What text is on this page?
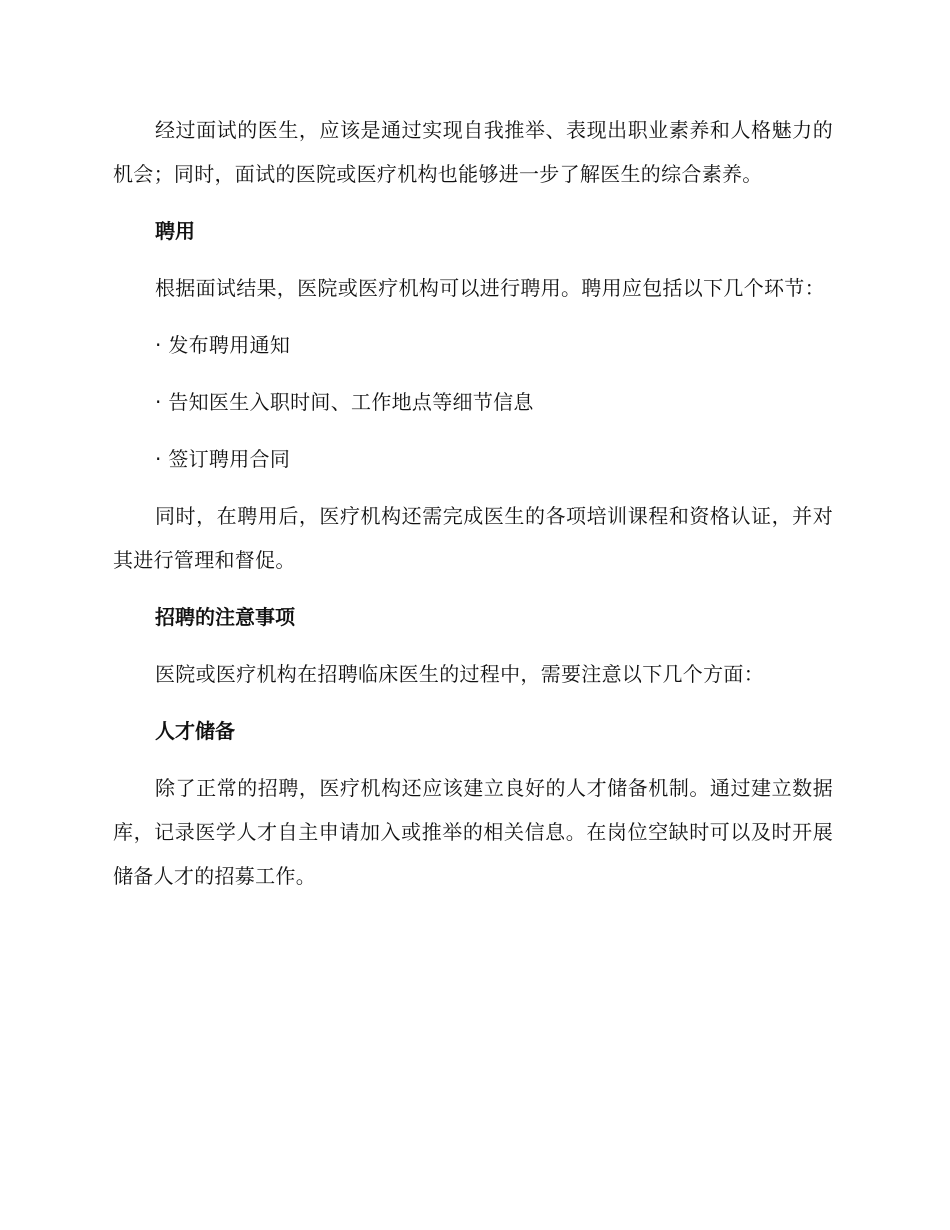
经过面试的医生，应该是通过实现自我推举、表现出职业素养和人格魅力的机会；同时，面试的医院或医疗机构也能够进一步了解医生的综合素养。

聘用

根据面试结果，医院或医疗机构可以进行聘用。聘用应包括以下几个环节：

· 发布聘用通知

· 告知医生入职时间、工作地点等细节信息

· 签订聘用合同

同时，在聘用后，医疗机构还需完成医生的各项培训课程和资格认证，并对其进行管理和督促。

招聘的注意事项

医院或医疗机构在招聘临床医生的过程中，需要注意以下几个方面：

人才储备

除了正常的招聘，医疗机构还应该建立良好的人才储备机制。通过建立数据库，记录医学人才自主申请加入或推举的相关信息。在岗位空缺时可以及时开展储备人才的招募工作。
